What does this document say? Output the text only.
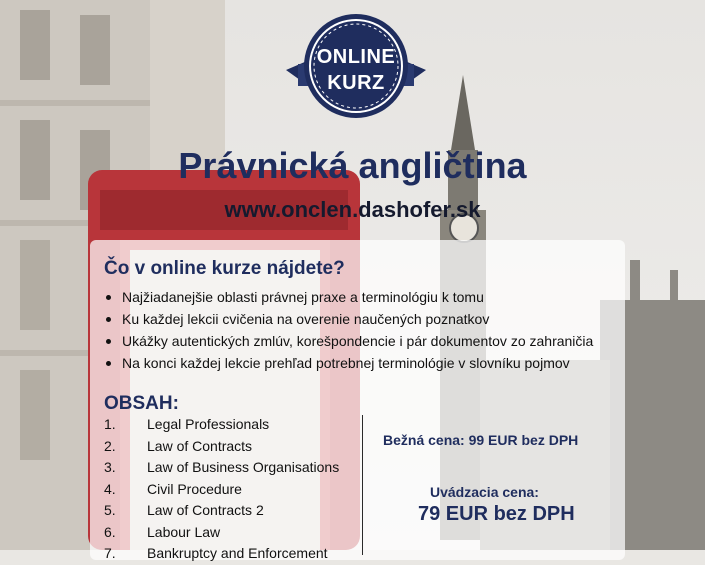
ONLINE
KURZ
Právnická angličtina
www.onclen.dashofer.sk
Čo v online kurze nájdete?
Najžiadanejšie oblasti právnej praxe a terminológiu k tomu
Ku každej lekcii cvičenia na overenie naučených poznatkov
Ukážky autentických zmlúv, korešpondencie i pár dokumentov zo zahraničia
Na konci každej lekcie prehľad potrebnej terminológie v slovníku pojmov
OBSAH:
1. Legal Professionals
2. Law of Contracts
3. Law of Business Organisations
4. Civil Procedure
5. Law of Contracts 2
6. Labour Law
7. Bankruptcy and Enforcement
Bežná cena: 99 EUR bez DPH
Uvádzacia cena:
79 EUR bez DPH
